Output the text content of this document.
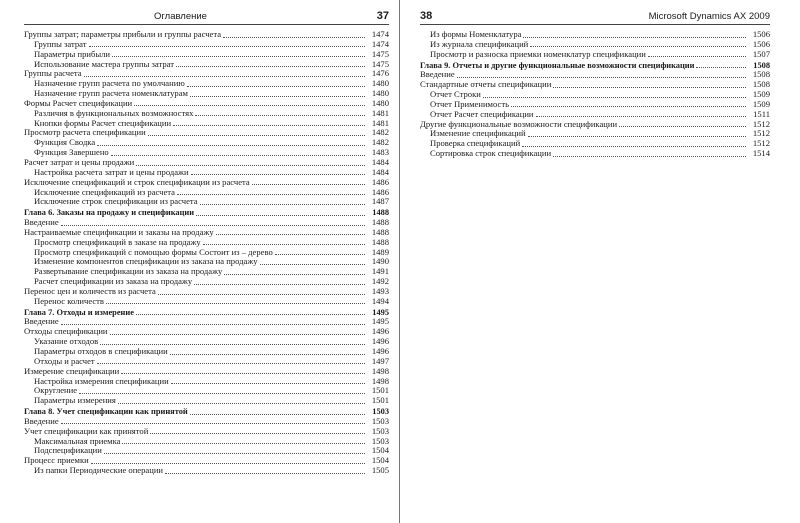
Оглавление	37
Группы затрат; параметры прибыли и группы расчета	1474
Группы затрат	1474
Параметры прибыли	1475
Использование мастера группы затрат	1475
Группы расчета	1476
Назначение групп расчета по умолчанию	1480
Назначение групп расчета номенклатурам	1480
Формы Расчет спецификации	1480
Различия в функциональных возможностях	1481
Кнопки формы Расчет спецификации	1481
Просмотр расчета спецификации	1482
Функция Сводка	1482
Функция Завершено	1483
Расчет затрат и цены продажи	1484
Настройка расчета затрат и цены продажи	1484
Исключение спецификаций и строк спецификации из расчета	1486
Исключение спецификаций из расчета	1486
Исключение строк спецификации из расчета	1487
Глава 6. Заказы на продажу и спецификации	1488
Введение	1488
Настраиваемые спецификации и заказы на продажу	1488
Просмотр спецификаций в заказе на продажу	1488
Просмотр спецификаций с помощью формы Состоит из – дерево	1489
Изменение компонентов спецификации из заказа на продажу	1490
Развертывание спецификации из заказа на продажу	1491
Расчет спецификации из заказа на продажу	1492
Перенос цен и количеств из расчета	1493
Перенос количеств	1494
Глава 7. Отходы и измерение	1495
Введение	1495
Отходы спецификации	1496
Указание отходов	1496
Параметры отходов в спецификации	1496
Отходы и расчет	1497
Измерение спецификации	1498
Настройка измерения спецификации	1498
Округление	1501
Параметры измерения	1501
Глава 8. Учет спецификации как принятой	1503
Введение	1503
Учет спецификации как принятой	1503
Максимальная приемка	1503
Подспецификации	1504
Процесс приемки	1504
Из папки Периодические операции	1505
38	Microsoft Dynamics AX 2009
Из формы Номенклатура	1506
Из журнала спецификаций	1506
Просмотр и разноска приемки номенклатур спецификации	1507
Глава 9. Отчеты и другие функциональные возможности спецификации	1508
Введение	1508
Стандартные отчеты спецификации	1508
Отчет Строки	1509
Отчет Применимость	1509
Отчет Расчет спецификации	1511
Другие функциональные возможности спецификации	1512
Изменение спецификаций	1512
Проверка спецификаций	1512
Сортировка строк спецификации	1514
